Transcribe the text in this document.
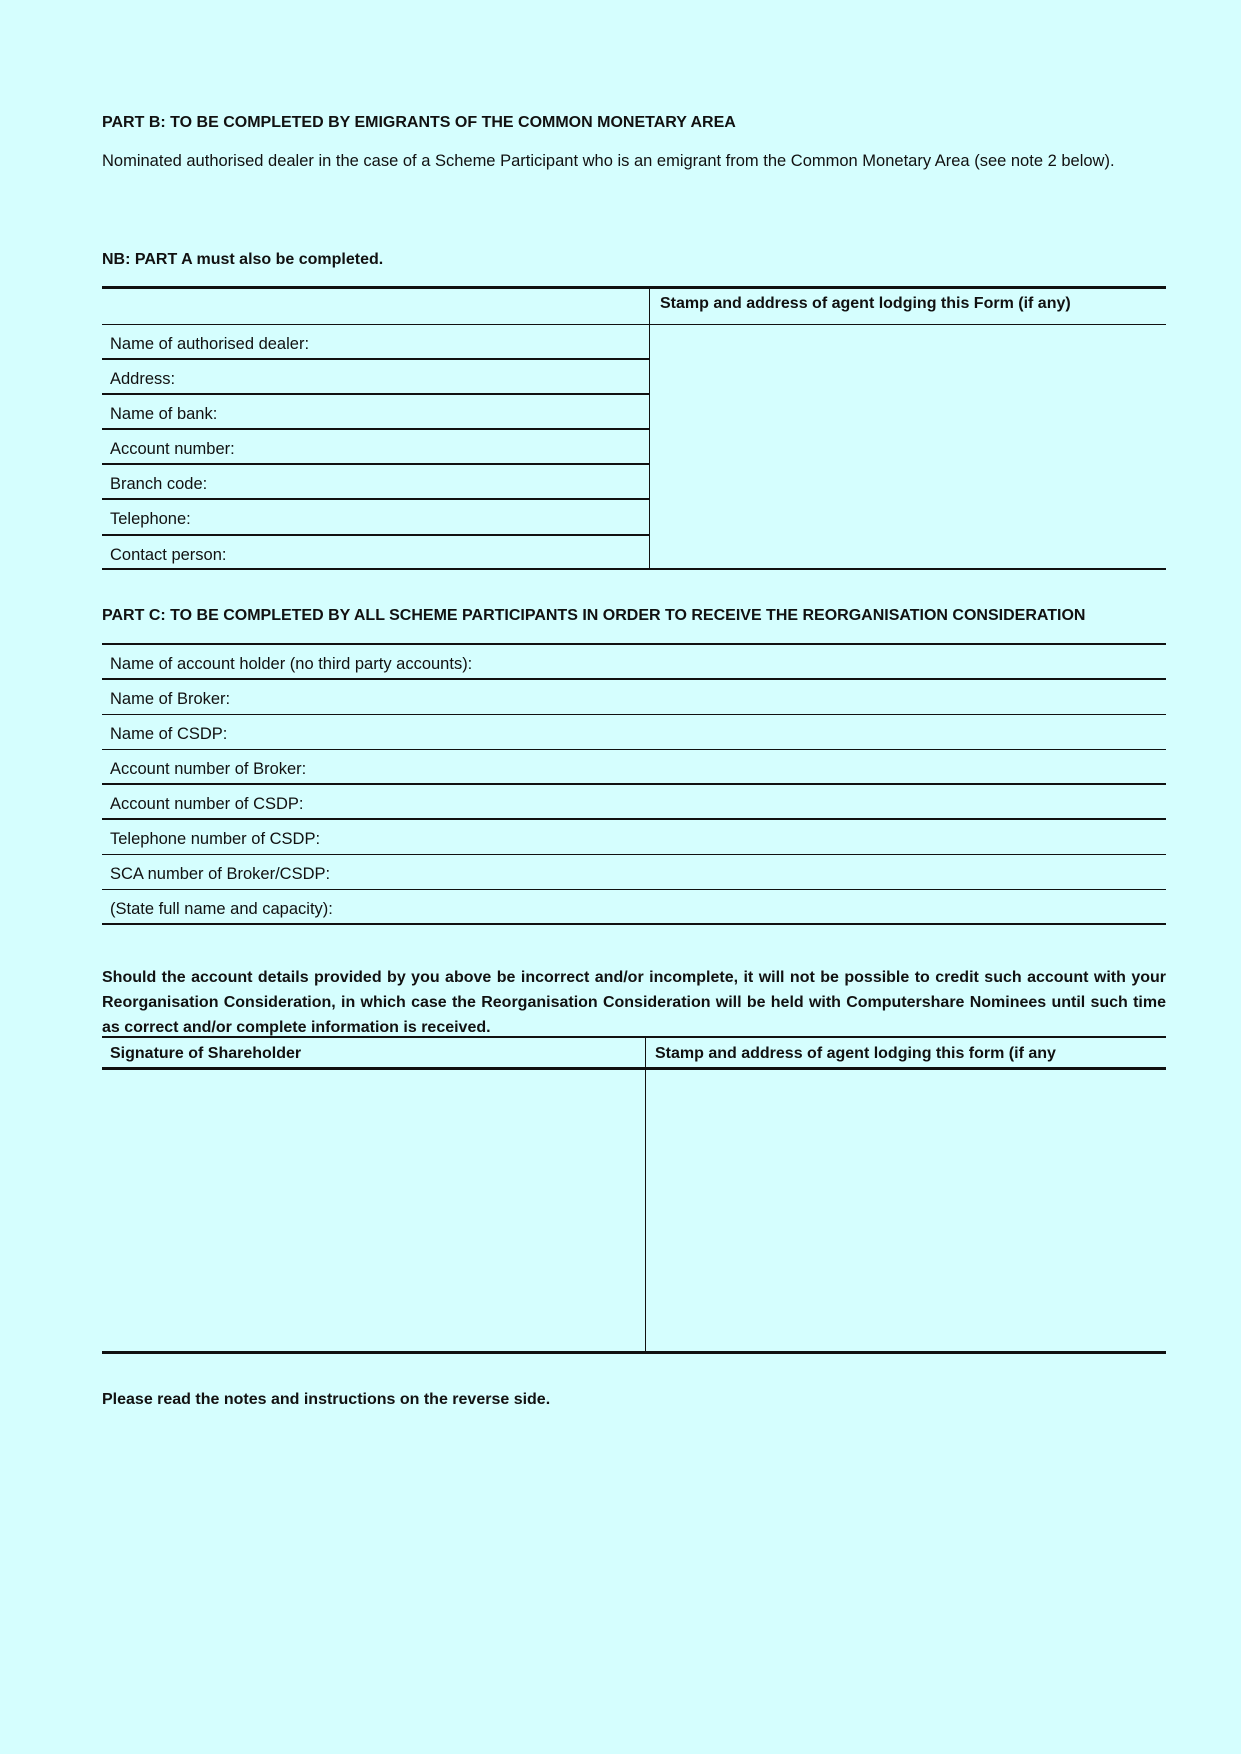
PART B: TO BE COMPLETED BY EMIGRANTS OF THE COMMON MONETARY AREA

Nominated authorised dealer in the case of a Scheme Participant who is an emigrant from the Common Monetary Area (see note 2 below).

NB: PART A must also be completed.

Name of authorised dealer:
Address:
Name of bank:
Account number:
Branch code:
Telephone:
Contact person:
Stamp and address of agent lodging this Form (if any)

PART C: TO BE COMPLETED BY ALL SCHEME PARTICIPANTS IN ORDER TO RECEIVE THE REORGANISATION CONSIDERATION

Name of account holder (no third party accounts):
Name of Broker:
Name of CSDP:
Account number of Broker:
Account number of CSDP:
Telephone number of CSDP:
SCA number of Broker/CSDP:
(State full name and capacity):

Should the account details provided by you above be incorrect and/or incomplete, it will not be possible to credit such account with your Reorganisation Consideration, in which case the Reorganisation Consideration will be held with Computershare Nominees until such time as correct and/or complete information is received.

Signature of Shareholder	Stamp and address of agent lodging this form (if any

Please read the notes and instructions on the reverse side.
